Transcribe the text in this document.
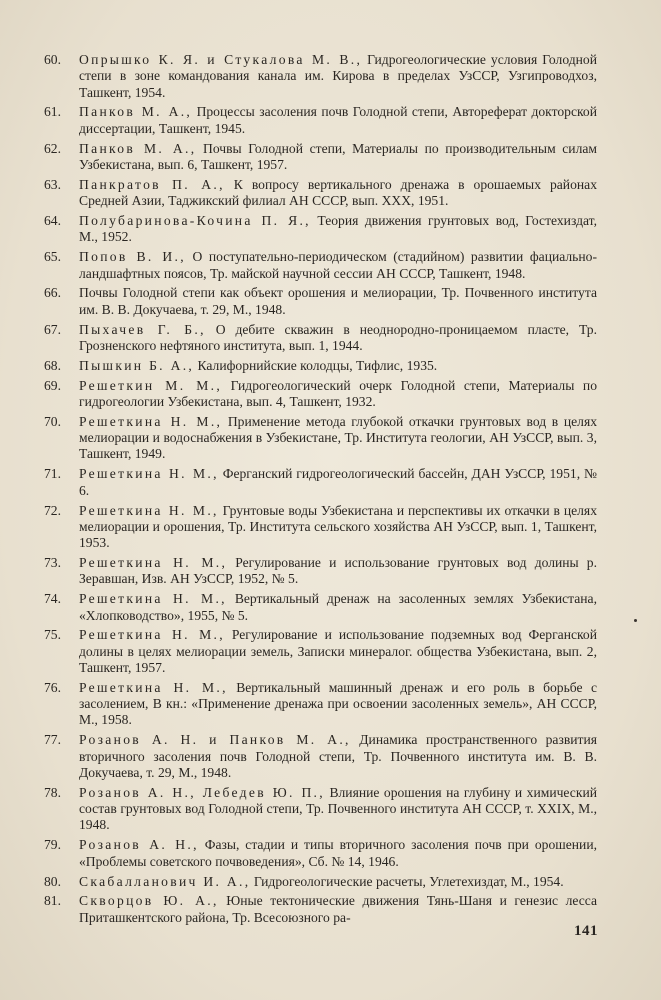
60. Опрышко К. Я. и Стукалова М. В., Гидрогеологические условия Голодной степи в зоне командования канала им. Кирова в пределах УзССР, Узгипроводхоз, Ташкент, 1954.
61. Панков М. А., Процессы засоления почв Голодной степи, Автореферат докторской диссертации, Ташкент, 1945.
62. Панков М. А., Почвы Голодной степи, Материалы по производительным силам Узбекистана, вып. 6, Ташкент, 1957.
63. Панкратов П. А., К вопросу вертикального дренажа в орошаемых районах Средней Азии, Таджикский филиал АН СССР, вып. XXX, 1951.
64. Полубаринова-Кочина П. Я., Теория движения грунтовых вод, Гостехиздат, М., 1952.
65. Попов В. И., О поступательно-периодическом (стадийном) развитии фациально-ландшафтных поясов, Тр. майской научной сессии АН СССР, Ташкент, 1948.
66. Почвы Голодной степи как объект орошения и мелиорации, Тр. Почвенного института им. В. В. Докучаева, т. 29, М., 1948.
67. Пыхачев Г. Б., О дебите скважин в неоднородно-проницаемом пласте, Тр. Грозненского нефтяного института, вып. 1, 1944.
68. Пышкин Б. А., Калифорнийские колодцы, Тифлис, 1935.
69. Решеткин М. М., Гидрогеологический очерк Голодной степи, Материалы по гидрогеологии Узбекистана, вып. 4, Ташкент, 1932.
70. Решеткина Н. М., Применение метода глубокой откачки грунтовых вод в целях мелиорации и водоснабжения в Узбекистане, Тр. Института геологии, АН УзССР, вып. 3, Ташкент, 1949.
71. Решеткина Н. М., Ферганский гидрогеологический бассейн, ДАН УзССР, 1951, № 6.
72. Решеткина Н. М., Грунтовые воды Узбекистана и перспективы их откачки в целях мелиорации и орошения, Тр. Института сельского хозяйства АН УзССР, вып. 1, Ташкент, 1953.
73. Решеткина Н. М., Регулирование и использование грунтовых вод долины р. Зеравшан, Изв. АН УзССР, 1952, № 5.
74. Решеткина Н. М., Вертикальный дренаж на засоленных землях Узбекистана, «Хлопководство», 1955, № 5.
75. Решеткина Н. М., Регулирование и использование подземных вод Ферганской долины в целях мелиорации земель, Записки минералог. общества Узбекистана, вып. 2, Ташкент, 1957.
76. Решеткина Н. М., Вертикальный машинный дренаж и его роль в борьбе с засолением, В кн.: «Применение дренажа при освоении засоленных земель», АН СССР, М., 1958.
77. Розанов А. Н. и Панков М. А., Динамика пространственного развития вторичного засоления почв Голодной степи, Тр. Почвенного института им. В. В. Докучаева, т. 29, М., 1948.
78. Розанов А. Н., Лебедев Ю. П., Влияние орошения на глубину и химический состав грунтовых вод Голодной степи, Тр. Почвенного института АН СССР, т. XXIX, М., 1948.
79. Розанов А. Н., Фазы, стадии и типы вторичного засоления почв при орошении, «Проблемы советского почвоведения», Сб. № 14, 1946.
80. Скабалланович И. А., Гидрогеологические расчеты, Углетехиздат, М., 1954.
81. Скворцов Ю. А., Юные тектонические движения Тянь-Шаня и генезис лесса Приташкентского района, Тр. Всесоюзного ра-
141
